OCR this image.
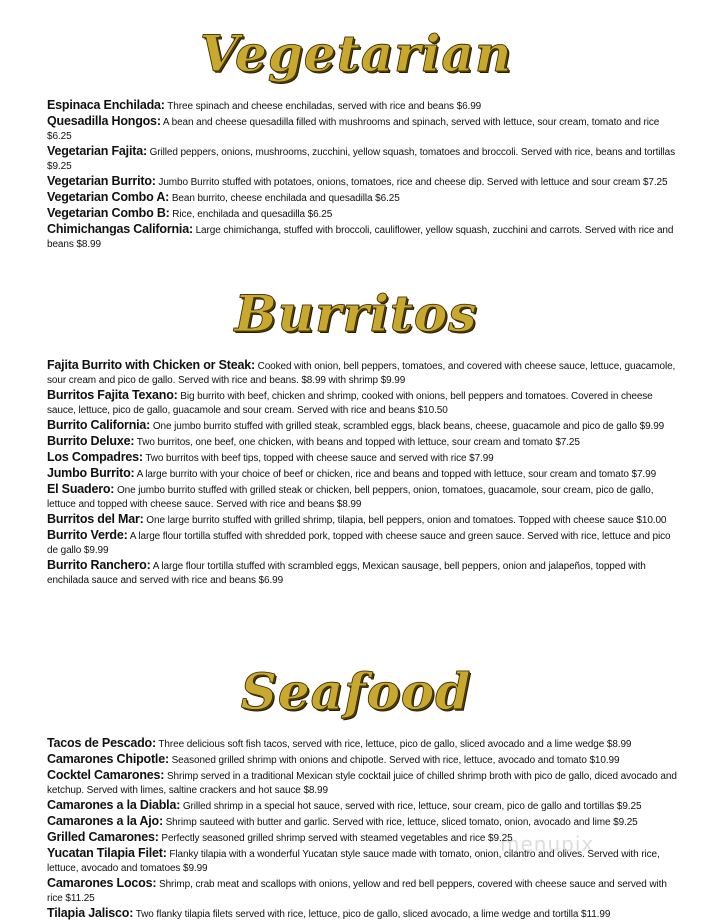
Vegetarian

Espinaca Enchilada: Three spinach and cheese enchiladas, served with rice and beans $6.99

Quesadilla Hongos: A bean and cheese quesadilla filled with mushrooms and spinach, served with lettuce, sour cream, tomato and rice $6.25

Vegetarian Fajita: Grilled peppers, onions, mushrooms, zucchini, yellow squash, tomatoes and broccoli. Served with rice, beans and tortillas $9.25

Vegetarian Burrito: Jumbo Burrito stuffed with potatoes, onions, tomatoes, rice and cheese dip. Served with lettuce and sour cream $7.25

Vegetarian Combo A: Bean burrito, cheese enchilada and quesadilla $6.25

Vegetarian Combo B: Rice, enchilada and quesadilla $6.25

Chimichangas California: Large chimichanga, stuffed with broccoli, cauliflower, yellow squash, zucchini and carrots. Served with rice and beans $8.99

Burritos

Fajita Burrito with Chicken or Steak: Cooked with onion, bell peppers, tomatoes, and covered with cheese sauce, lettuce, guacamole, sour cream and pico de gallo. Served with rice and beans. $8.99 with shrimp $9.99

Burritos Fajita Texano: Big burrito with beef, chicken and shrimp, cooked with onions, bell peppers and tomatoes. Covered in cheese sauce, lettuce, pico de gallo, guacamole and sour cream. Served with rice and beans $10.50

Burrito California: One jumbo burrito stuffed with grilled steak, scrambled eggs, black beans, cheese, guacamole and pico de gallo $9.99

Burrito Deluxe: Two burritos, one beef, one chicken, with beans and topped with lettuce, sour cream and tomato $7.25

Los Compadres: Two burritos with beef tips, topped with cheese sauce and served with rice $7.99

Jumbo Burrito: A large burrito with your choice of beef or chicken, rice and beans and topped with lettuce, sour cream and tomato $7.99

El Suadero: One jumbo burrito stuffed with grilled steak or chicken, bell peppers, onion, tomatoes, guacamole, sour cream, pico de gallo, lettuce and topped with cheese sauce. Served with rice and beans $8.99

Burritos del Mar: One large burrito stuffed with grilled shrimp, tilapia, bell peppers, onion and tomatoes. Topped with cheese sauce $10.00

Burrito Verde: A large flour tortilla stuffed with shredded pork, topped with cheese sauce and green sauce. Served with rice, lettuce and pico de gallo $9.99

Burrito Ranchero: A large flour tortilla stuffed with scrambled eggs, Mexican sausage, bell peppers, onion and jalapeños, topped with enchilada sauce and served with rice and beans $6.99

Seafood

Tacos de Pescado: Three delicious soft fish tacos, served with rice, lettuce, pico de gallo, sliced avocado and a lime wedge $8.99

Camarones Chipotle: Seasoned grilled shrimp with onions and chipotle. Served with rice, lettuce, avocado and tomato $10.99

Cocktel Camarones: Shrimp served in a traditional Mexican style cocktail juice of chilled shrimp broth with pico de gallo, diced avocado and ketchup. Served with limes, saltine crackers and hot sauce $8.99

Camarones a la Diabla: Grilled shrimp in a special hot sauce, served with rice, lettuce, sour cream, pico de gallo and tortillas $9.25

Camarones a la Ajo: Shrimp sauteed with butter and garlic. Served with rice, lettuce, sliced tomato, onion, avocado and lime $9.25

Grilled Camarones: Perfectly seasoned grilled shrimp served with steamed vegetables and rice $9.25

Yucatan Tilapia Filet: Flanky tilapia with a wonderful Yucatan style sauce made with tomato, onion, cilantro and olives. Served with rice, lettuce, avocado and tomatoes $9.99

Camarones Locos: Shrimp, crab meat and scallops with onions, yellow and red bell peppers, covered with cheese sauce and served with rice $11.25

Tilapia Jalisco: Two flanky tilapia filets served with rice, lettuce, pico de gallo, sliced avocado, a lime wedge and tortilla $11.99

menupix
